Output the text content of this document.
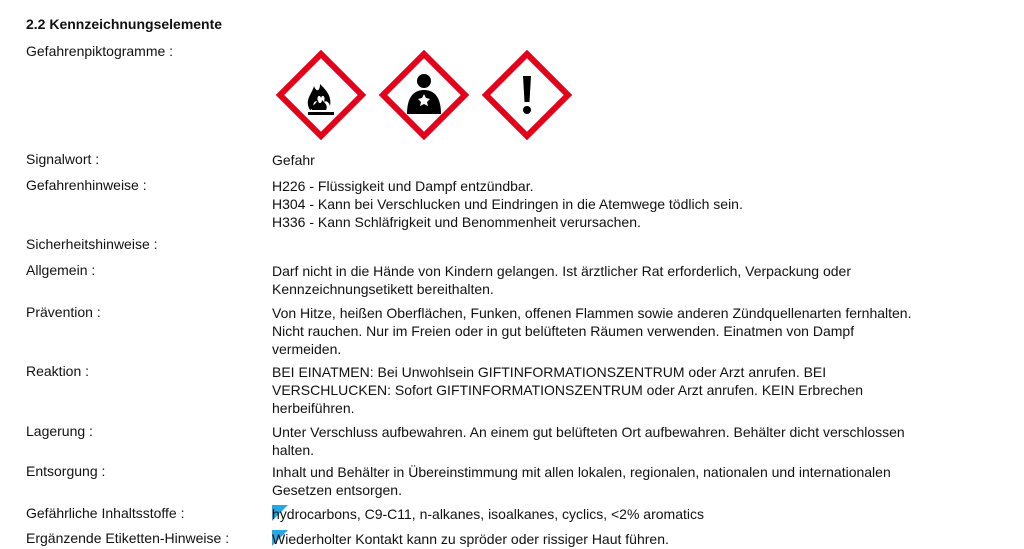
2.2 Kennzeichnungselemente
Gefahrenpiktogramme :
Signalwort :	Gefahr
Gefahrenhinweise :	H226 - Flüssigkeit und Dampf entzündbar.
H304 - Kann bei Verschlucken und Eindringen in die Atemwege tödlich sein.
H336 - Kann Schläfrigkeit und Benommenheit verursachen.
Sicherheitshinweise :
Allgemein :	Darf nicht in die Hände von Kindern gelangen. Ist ärztlicher Rat erforderlich, Verpackung oder
Kennzeichnungsetikett bereithalten.
Prävention :	Von Hitze, heißen Oberflächen, Funken, offenen Flammen sowie anderen Zündquellenarten fernhalten.
Nicht rauchen. Nur im Freien oder in gut belüfteten Räumen verwenden. Einatmen von Dampf
vermeiden.
Reaktion :	BEI EINATMEN: Bei Unwohlsein GIFTINFORMATIONSZENTRUM oder Arzt anrufen. BEI
VERSCHLUCKEN: Sofort GIFTINFORMATIONSZENTRUM oder Arzt anrufen. KEIN Erbrechen
herbeiführen.
Lagerung :	Unter Verschluss aufbewahren. An einem gut belüfteten Ort aufbewahren. Behälter dicht verschlossen
halten.
Entsorgung :	Inhalt und Behälter in Übereinstimmung mit allen lokalen, regionalen, nationalen und internationalen
Gesetzen entsorgen.
Gefährliche Inhaltsstoffe :	hydrocarbons, C9-C11, n-alkanes, isoalkanes, cyclics, <2% aromatics
Ergänzende Etiketten-Hinweise :	Wiederholter Kontakt kann zu spröder oder rissiger Haut führen.
